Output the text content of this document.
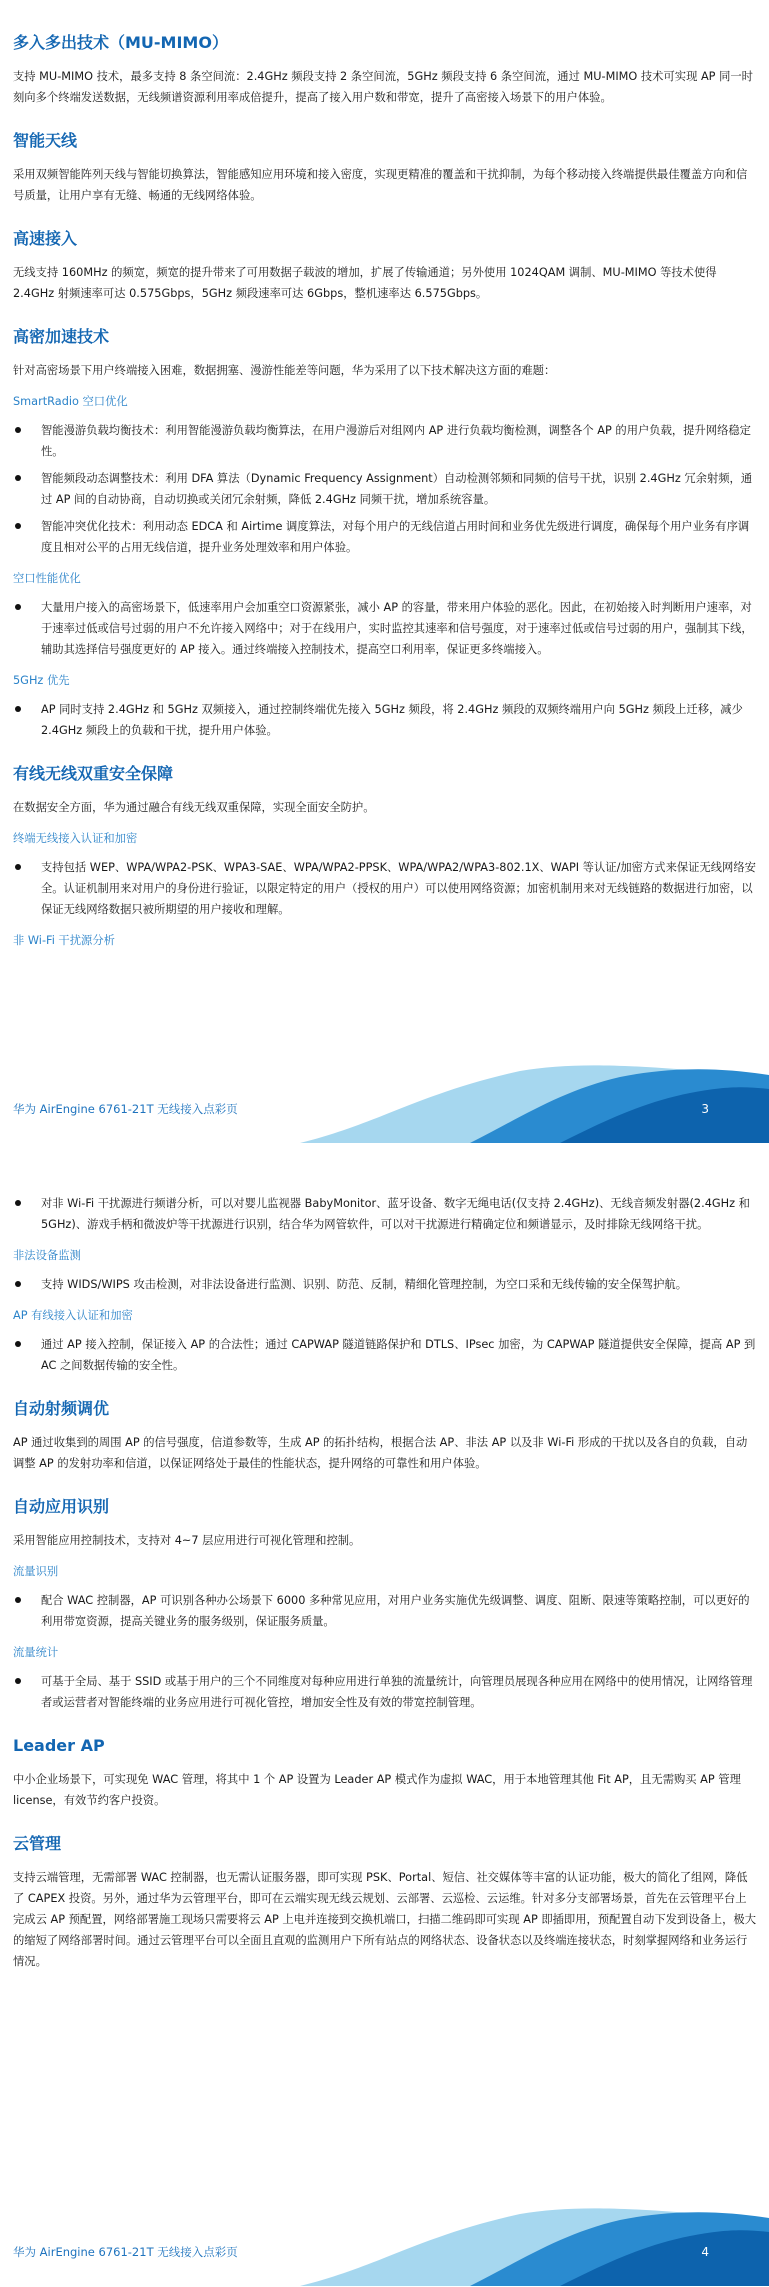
多入多出技术（MU-MIMO）

支持 MU-MIMO 技术，最多支持 8 条空间流：2.4GHz 频段支持 2 条空间流，5GHz 频段支持 6 条空间流，通过 MU-MIMO 技术可实现 AP 同一时刻向多个终端发送数据，无线频谱资源利用率成倍提升，提高了接入用户数和带宽，提升了高密接入场景下的用户体验。

智能天线

采用双频智能阵列天线与智能切换算法，智能感知应用环境和接入密度，实现更精准的覆盖和干扰抑制，为每个移动接入终端提供最佳覆盖方向和信号质量，让用户享有无缝、畅通的无线网络体验。

高速接入

无线支持 160MHz 的频宽，频宽的提升带来了可用数据子载波的增加，扩展了传输通道；另外使用 1024QAM 调制、MU-MIMO 等技术使得 2.4GHz 射频速率可达 0.575Gbps，5GHz 频段速率可达 6Gbps，整机速率达 6.575Gbps。

高密加速技术

针对高密场景下用户终端接入困难，数据拥塞、漫游性能差等问题，华为采用了以下技术解决这方面的难题：

SmartRadio 空口优化
智能漫游负载均衡技术：利用智能漫游负载均衡算法，在用户漫游后对组网内 AP 进行负载均衡检测，调整各个 AP 的用户负载，提升网络稳定性。
智能频段动态调整技术：利用 DFA 算法（Dynamic Frequency Assignment）自动检测邻频和同频的信号干扰，识别 2.4GHz 冗余射频，通过 AP 间的自动协商，自动切换或关闭冗余射频，降低 2.4GHz 同频干扰，增加系统容量。
智能冲突优化技术：利用动态 EDCA 和 Airtime 调度算法，对每个用户的无线信道占用时间和业务优先级进行调度，确保每个用户业务有序调度且相对公平的占用无线信道，提升业务处理效率和用户体验。
空口性能优化
大量用户接入的高密场景下，低速率用户会加重空口资源紧张，减小 AP 的容量，带来用户体验的恶化。因此，在初始接入时判断用户速率，对于速率过低或信号过弱的用户不允许接入网络中；对于在线用户，实时监控其速率和信号强度，对于速率过低或信号过弱的用户，强制其下线，辅助其选择信号强度更好的 AP 接入。通过终端接入控制技术，提高空口利用率，保证更多终端接入。
5GHz 优先
AP 同时支持 2.4GHz 和 5GHz 双频接入，通过控制终端优先接入 5GHz 频段，将 2.4GHz 频段的双频终端用户向 5GHz 频段上迁移，减少 2.4GHz 频段上的负载和干扰，提升用户体验。
有线无线双重安全保障

在数据安全方面，华为通过融合有线无线双重保障，实现全面安全防护。

终端无线接入认证和加密
支持包括 WEP、WPA/WPA2-PSK、WPA3-SAE、WPA/WPA2-PPSK、WPA/WPA2/WPA3-802.1X、WAPI 等认证/加密方式来保证无线网络安全。认证机制用来对用户的身份进行验证，以限定特定的用户（授权的用户）可以使用网络资源；加密机制用来对无线链路的数据进行加密，以保证无线网络数据只被所期望的用户接收和理解。
非 Wi-Fi 干扰源分析
华为 AirEngine 6761-21T 无线接入点彩页	3
对非 Wi-Fi 干扰源进行频谱分析，可以对婴儿监视器 BabyMonitor、蓝牙设备、数字无绳电话(仅支持 2.4GHz)、无线音频发射器(2.4GHz 和 5GHz)、游戏手柄和微波炉等干扰源进行识别，结合华为网管软件，可以对干扰源进行精确定位和频谱显示，及时排除无线网络干扰。
非法设备监测
支持 WIDS/WIPS 攻击检测，对非法设备进行监测、识别、防范、反制，精细化管理控制，为空口采和无线传输的安全保驾护航。
AP 有线接入认证和加密
通过 AP 接入控制，保证接入 AP 的合法性；通过 CAPWAP 隧道链路保护和 DTLS、IPsec 加密，为 CAPWAP 隧道提供安全保障，提高 AP 到 AC 之间数据传输的安全性。
自动射频调优

AP 通过收集到的周围 AP 的信号强度，信道参数等，生成 AP 的拓扑结构，根据合法 AP、非法 AP 以及非 Wi-Fi 形成的干扰以及各自的负载，自动调整 AP 的发射功率和信道，以保证网络处于最佳的性能状态，提升网络的可靠性和用户体验。

自动应用识别

采用智能应用控制技术，支持对 4~7 层应用进行可视化管理和控制。

流量识别
配合 WAC 控制器，AP 可识别各种办公场景下 6000 多种常见应用，对用户业务实施优先级调整、调度、阻断、限速等策略控制，可以更好的利用带宽资源，提高关键业务的服务级别，保证服务质量。
流量统计
可基于全局、基于 SSID 或基于用户的三个不同维度对每种应用进行单独的流量统计，向管理员展现各种应用在网络中的使用情况，让网络管理者或运营者对智能终端的业务应用进行可视化管控，增加安全性及有效的带宽控制管理。
Leader AP

中小企业场景下，可实现免 WAC 管理，将其中 1 个 AP 设置为 Leader AP 模式作为虚拟 WAC，用于本地管理其他 Fit AP，且无需购买 AP 管理 license，有效节约客户投资。

云管理

支持云端管理，无需部署 WAC 控制器，也无需认证服务器，即可实现 PSK、Portal、短信、社交媒体等丰富的认证功能，极大的简化了组网，降低了 CAPEX 投资。另外，通过华为云管理平台，即可在云端实现无线云规划、云部署、云巡检、云运维。针对多分支部署场景，首先在云管理平台上完成云 AP 预配置，网络部署施工现场只需要将云 AP 上电并连接到交换机端口，扫描二维码即可实现 AP 即插即用，预配置自动下发到设备上，极大的缩短了网络部署时间。通过云管理平台可以全面且直观的监测用户下所有站点的网络状态、设备状态以及终端连接状态，时刻掌握网络和业务运行情况。

华为 AirEngine 6761-21T 无线接入点彩页	4
